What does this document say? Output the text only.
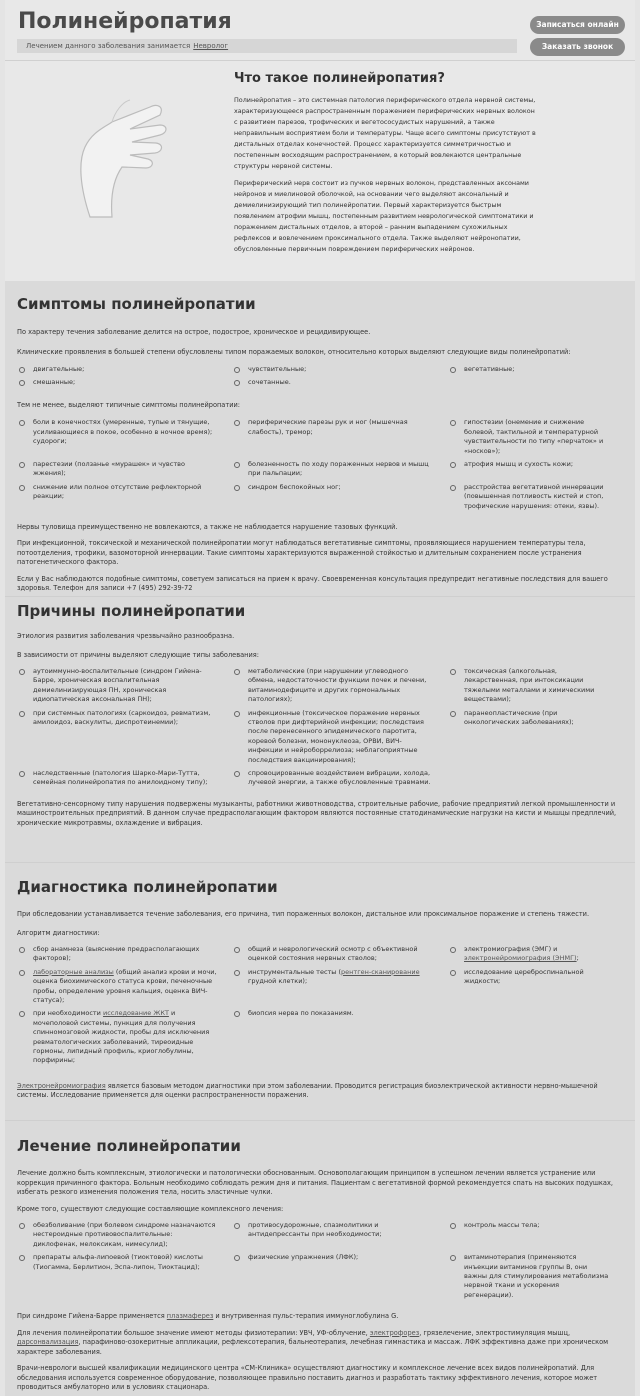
Полинейропатия
Лечением данного заболевания занимается Невролог
Записаться онлайн
Заказать звонок
Что такое полинейропатия?

Полинейропатия – это системная патология периферического отдела нервной системы, характеризующееся распространенным поражением периферических нервных волокон с развитием парезов, трофических и вегетососудистых нарушений, а также неправильным восприятием боли и температуры. Чаще всего симптомы присутствуют в дистальных отделах конечностей. Процесс характеризуется симметричностью и постепенным восходящим распространением, в который вовлекаются центральные структуры нервной системы.

Периферический нерв состоит из пучков нервных волокон, представленных аксонами нейронов и миелиновой оболочкой, на основании чего выделяют аксональный и демиелинизирующий тип полинейропатии. Первый характеризуется быстрым появлением атрофии мышц, постепенным развитием неврологической симптоматики и поражением дистальных отделов, а второй – ранним выпадением сухожильных рефлексов и вовлечением проксимального отдела. Также выделяют нейронопатии, обусловленные первичным повреждением периферических нейронов.

Симптомы полинейропатии

По характеру течения заболевание делится на острое, подострое, хроническое и рецидивирующее.

Клинические проявления в большей степени обусловлены типом поражаемых волокон, относительно которых выделяют следующие виды полинейропатий:

двигательные;	чувствительные;	вегетативные;
смешанные;	сочетанные.

Тем не менее, выделяют типичные симптомы полинейропатии:

боли в конечностях (умеренные, тупые и тянущие, усиливающиеся в покое, особенно в ночное время); судороги;
периферические парезы рук и ног (мышечная слабость), тремор;
гипостезии (онемение и снижение болевой, тактильной и температурной чувствительности по типу «перчаток» и «носков»);
парестезии (ползанье «мурашек» и чувство жжения);
болезненность по ходу пораженных нервов и мышц при пальпации;
атрофия мышц и сухость кожи;
снижение или полное отсутствие рефлекторной реакции;
синдром беспокойных ног;	расстройства вегетативной иннервации (повышенная потливость кистей и стоп, трофические нарушения: отеки, язвы).

Нервы туловища преимущественно не вовлекаются, а также не наблюдается нарушение тазовых функций.

При инфекционной, токсической и механической полинейропатии могут наблюдаться вегетативные симптомы, проявляющиеся нарушением температуры тела, потоотделения, трофики, вазомоторной иннервации. Такие симптомы характеризуются выраженной стойкостью и длительным сохранением после устранения патогенетического фактора.

Если у Вас наблюдаются подобные симптомы, советуем записаться на прием к врачу. Своевременная консультация предупредит негативные последствия для вашего здоровья. Телефон для записи +7 (495) 292-39-72

Причины полинейропатии

Этиология развития заболевания чрезвычайно разнообразна.

В зависимости от причины выделяют следующие типы заболевания:

аутоиммунно-воспалительные (синдром Гийена-Барре, хроническая воспалительная демиелинизирующая ПН, хроническая идиопатическая аксональная ПН);
метаболические (при нарушении углеводного обмена, недостаточности функции почек и печени, витаминодефиците и других гормональных патологиях);
токсическая (алкогольная, лекарственная, при интоксикации тяжелыми металлами и химическими веществами);
при системных патологиях (саркоидоз, ревматизм, амилоидоз, васкулиты, диспротеинемии);
инфекционные (токсическое поражение нервных стволов при дифтерийной инфекции; последствия после перенесенного эпидемического паротита, коревой болезни, мононуклеоза, ОРВИ, ВИЧ-инфекции и нейроборрелиоза; неблагоприятные последствия вакцинирования);
паранеопластические (при онкологических заболеваниях);
наследственные (патология Шарко-Мари-Тутта, семейная полинейропатия по амилоидному типу);
спровоцированные воздействием вибрации, холода, лучевой энергии, а также обусловленные травмами.

Вегетативно-сенсорному типу нарушения подвержены музыканты, работники животноводства, строительные рабочие, рабочие предприятий легкой промышленности и машиностроительных предприятий. В данном случае предрасполагающим фактором являются постоянные статодинамические нагрузки на кисти и мышцы предплечий, хронические микротравмы, охлаждение и вибрация.

Диагностика полинейропатии

При обследовании устанавливается течение заболевания, его причина, тип пораженных волокон, дистальное или проксимальное поражение и степень тяжести.

Алгоритм диагностики:

сбор анамнеза (выяснение предрасполагающих факторов);
общий и неврологический осмотр с объективной оценкой состояния нервных стволов;
электромиография (ЭМГ) и
электронейромиография (ЭНМГ);
лабораторные анализы (общий анализ крови и мочи, оценка биохимического статуса крови, печеночные пробы, определение уровня кальция, оценка ВИЧ-статуса);
инструментальные тесты (рентген-сканирование грудной клетки);
исследование цереброспинальной жидкости;
при необходимости исследование ЖКТ и мочеполовой системы, пункция для получения спинномозговой жидкости, пробы для исключения ревматологических заболеваний, тиреоидные гормоны, липидный профиль, криоглобулины, порфирины;
биопсия нерва по показаниям.

Электронейромиография является базовым методом диагностики при этом заболевании. Проводится регистрация биоэлектрической активности нервно-мышечной системы. Исследование применяется для оценки распространенности поражения.

Лечение полинейропатии

Лечение должно быть комплексным, этиологически и патологически обоснованным. Основополагающим принципом в успешном лечении является устранение или коррекция причинного фактора. Больным необходимо соблюдать режим дня и питания. Пациентам с вегетативной формой рекомендуется спать на высоких подушках, избегать резкого изменения положения тела, носить эластичные чулки.

Кроме того, существуют следующие составляющие комплексного лечения:

обезболивание (при болевом синдроме назначаются нестероидные противовоспалительные: диклофенак, мелоксикам, нимесулид);
противосудорожные, спазмолитики и антидепрессанты при необходимости;
контроль массы тела;
препараты альфа-липоевой (тиоктовой) кислоты (Тиогамма, Берлитион, Эспа-липон, Тиоктацид);
физические упражнения (ЛФК);	витаминотерапия (применяются инъекции витаминов группы В, они важны для стимулирования метаболизма нервной ткани и ускорения регенерации).

При синдроме Гийена-Барре применяется плазмаферез и внутривенная пульс-терапия иммуноглобулина G.

Для лечения полинейропатии большое значение имеют методы физиотерапии: УВЧ, УФ-облучение, электрофорез, грязелечение, электростимуляция мышц, дарсонвализация, парафиново-озокеритные аппликации, рефлексотерапия, бальнеотерапия, лечебная гимнастика и массаж. ЛФК эффективна даже при хроническом характере заболевания.

Врачи-неврологи высшей квалификации медицинского центра «СМ-Клиника» осуществляют диагностику и комплексное лечение всех видов полинейропатий. Для обследования используется современное оборудование, позволяющее правильно поставить диагноз и разработать тактику эффективного лечения, которое может проводиться амбулаторно или в условиях стационара.
